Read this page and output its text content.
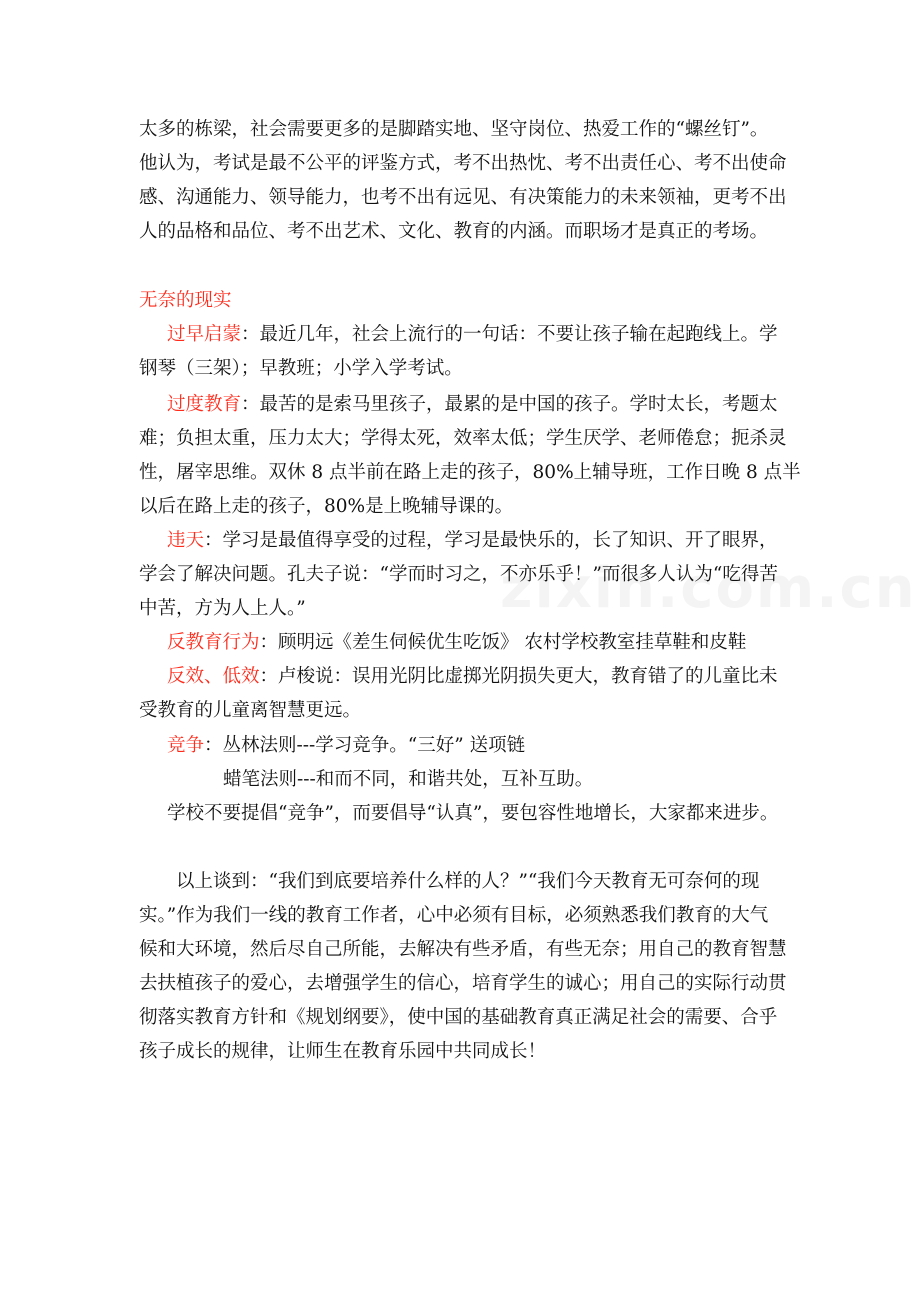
太多的栋梁，社会需要更多的是脚踏实地、坚守岗位、热爱工作的“螺丝钉”。
他认为，考试是最不公平的评鉴方式，考不出热忱、考不出责任心、考不出使命
感、沟通能力、领导能力，也考不出有远见、有决策能力的未来领袖，更考不出
人的品格和品位、考不出艺术、文化、教育的内涵。而职场才是真正的考场。
无奈的现实
过早启蒙：最近几年，社会上流行的一句话：不要让孩子输在起跑线上。学
钢琴（三架）；早教班；小学入学考试。
过度教育：最苦的是索马里孩子，最累的是中国的孩子。学时太长，考题太
难；负担太重，压力太大；学得太死，效率太低；学生厌学、老师倦怠；扼杀灵
性，屠宰思维。双休 8 点半前在路上走的孩子，80%上辅导班，工作日晚 8 点半
以后在路上走的孩子，80%是上晚辅导课的。
违天：学习是最值得享受的过程，学习是最快乐的，长了知识、开了眼界，
学会了解决问题。孔夫子说：“学而时习之，不亦乐乎！”而很多人认为“吃得苦
中苦，方为人上人。”
反教育行为：顾明远《差生伺候优生吃饭》 农村学校教室挂草鞋和皮鞋
反效、低效：卢梭说：误用光阴比虚掷光阴损失更大，教育错了的儿童比未
受教育的儿童离智慧更远。
竞争：丛林法则---学习竞争。“三好” 送项链
蜡笔法则---和而不同，和谐共处，互补互助。
学校不要提倡“竞争”，而要倡导“认真”，要包容性地增长，大家都来进步。
以上谈到：“我们到底要培养什么样的人？”“我们今天教育无可奈何的现
实。”作为我们一线的教育工作者，心中必须有目标，必须熟悉我们教育的大气
候和大环境，然后尽自己所能，去解决有些矛盾，有些无奈；用自己的教育智慧
去扶植孩子的爱心，去增强学生的信心，培育学生的诚心；用自己的实际行动贯
彻落实教育方针和《规划纲要》，使中国的基础教育真正满足社会的需要、合乎
孩子成长的规律，让师生在教育乐园中共同成长！
